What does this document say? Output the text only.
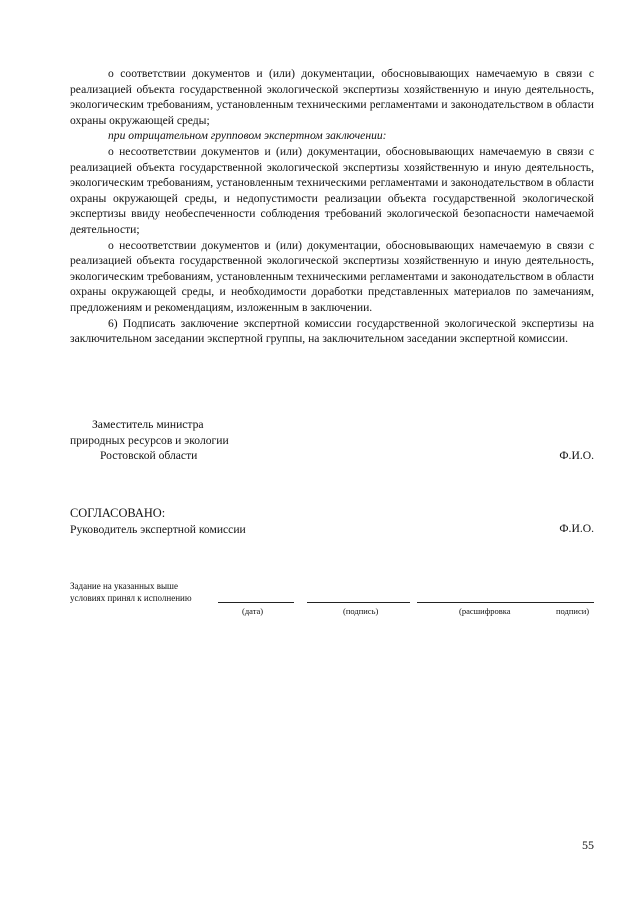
о соответствии документов и (или) документации, обосновывающих намечаемую в связи с реализацией объекта государственной экологической экспертизы хозяйственную и иную деятельность, экологическим требованиям, установленным техническими регламентами и законодательством в области охраны окружающей среды;

при отрицательном групповом экспертном заключении:

о несоответствии документов и (или) документации, обосновывающих намечаемую в связи с реализацией объекта государственной экологической экспертизы хозяйственную и иную деятельность, экологическим требованиям, установленным техническими регламентами и законодательством в области охраны окружающей среды, и недопустимости реализации объекта государственной экологической экспертизы ввиду необеспеченности соблюдения требований экологической безопасности намечаемой деятельности;

о несоответствии документов и (или) документации, обосновывающих намечаемую в связи с реализацией объекта государственной экологической экспертизы хозяйственную и иную деятельность, экологическим требованиям, установленным техническими регламентами и законодательством в области охраны окружающей среды, и необходимости доработки представленных материалов по замечаниям, предложениям и рекомендациям, изложенным в заключении.

6) Подписать заключение экспертной комиссии государственной экологической экспертизы на заключительном заседании экспертной группы, на заключительном заседании экспертной комиссии.

Заместитель министра
природных ресурсов и экологии
Ростовской области	Ф.И.О.
СОГЛАСОВАНО:
Руководитель экспертной комиссии	Ф.И.О.
Задание на указанных выше
условиях принял к исполнению
(дата)	(подпись)	(расшифровка	подписи)
55
